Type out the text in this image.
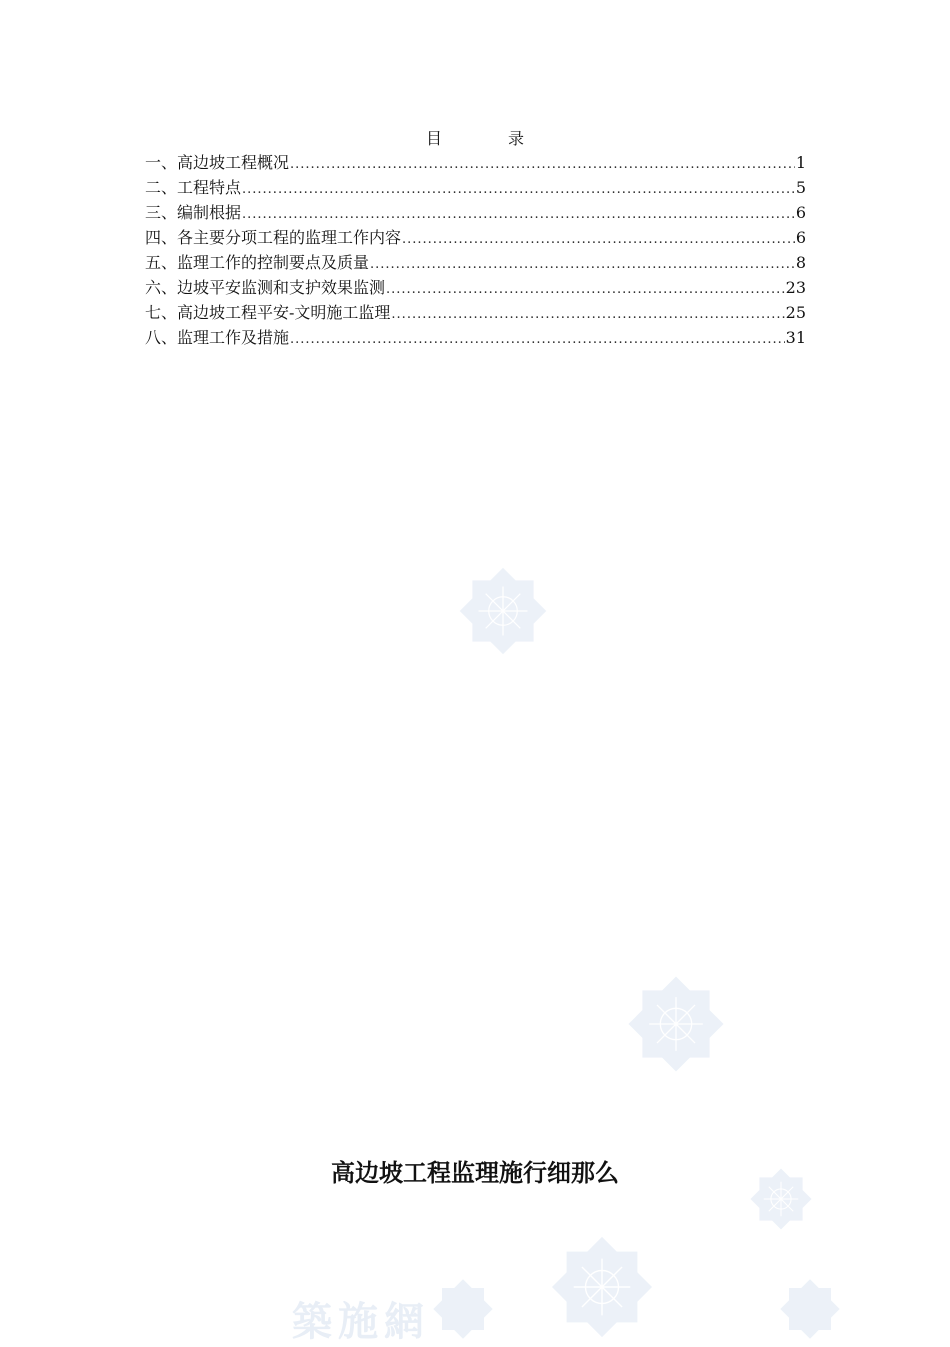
築施網
目	录
一、高边坡工程概况 .....	1
二、工程特点 .....	5
三、编制根据 .....	6
四、各主要分项工程的监理工作内容 .....	6
五、监理工作的控制要点及质量 .....	8
六、边坡平安监测和支护效果监测 .....	23
七、高边坡工程平安-文明施工监理 .....	25
八、监理工作及措施 .....	31
高边坡工程监理施行细那么
